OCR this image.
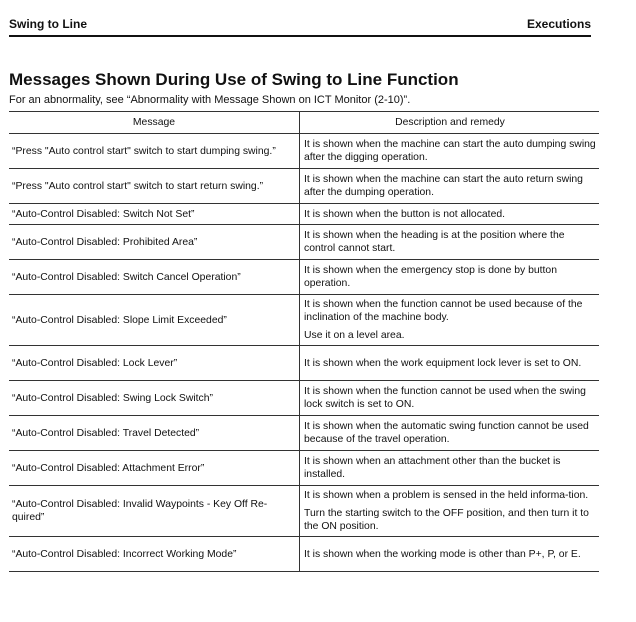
Swing to Line	Executions
Messages Shown During Use of Swing to Line Function
For an abnormality, see “Abnormality with Message Shown on ICT Monitor (2-10)”.
Message	Description and remedy
“Press "Auto control start" switch to start dumping swing.”	It is shown when the machine can start the auto dumping swing after the digging operation.
“Press "Auto control start" switch to start return swing.”	It is shown when the machine can start the auto return swing after the dumping operation.
“Auto-Control Disabled: Switch Not Set”	It is shown when the button is not allocated.
“Auto-Control Disabled: Prohibited Area”	It is shown when the heading is at the position where the control cannot start.
“Auto-Control Disabled: Switch Cancel Operation”	It is shown when the emergency stop is done by button operation.
“Auto-Control Disabled: Slope Limit Exceeded”	It is shown when the function cannot be used because of the inclination of the machine body.
Use it on a level area.

“Auto-Control Disabled: Lock Lever”	It is shown when the work equipment lock lever is set to ON.
“Auto-Control Disabled: Swing Lock Switch”	It is shown when the function cannot be used when the swing lock switch is set to ON.
“Auto-Control Disabled: Travel Detected”	It is shown when the automatic swing function cannot be used because of the travel operation.
“Auto-Control Disabled: Attachment Error”	It is shown when an attachment other than the bucket is installed.
“Auto-Control Disabled: Invalid Waypoints - Key Off Re-quired”	It is shown when a problem is sensed in the held informa-tion.
Turn the starting switch to the OFF position, and then turn it to the ON position.

“Auto-Control Disabled: Incorrect Working Mode”	It is shown when the working mode is other than P+, P, or E.
